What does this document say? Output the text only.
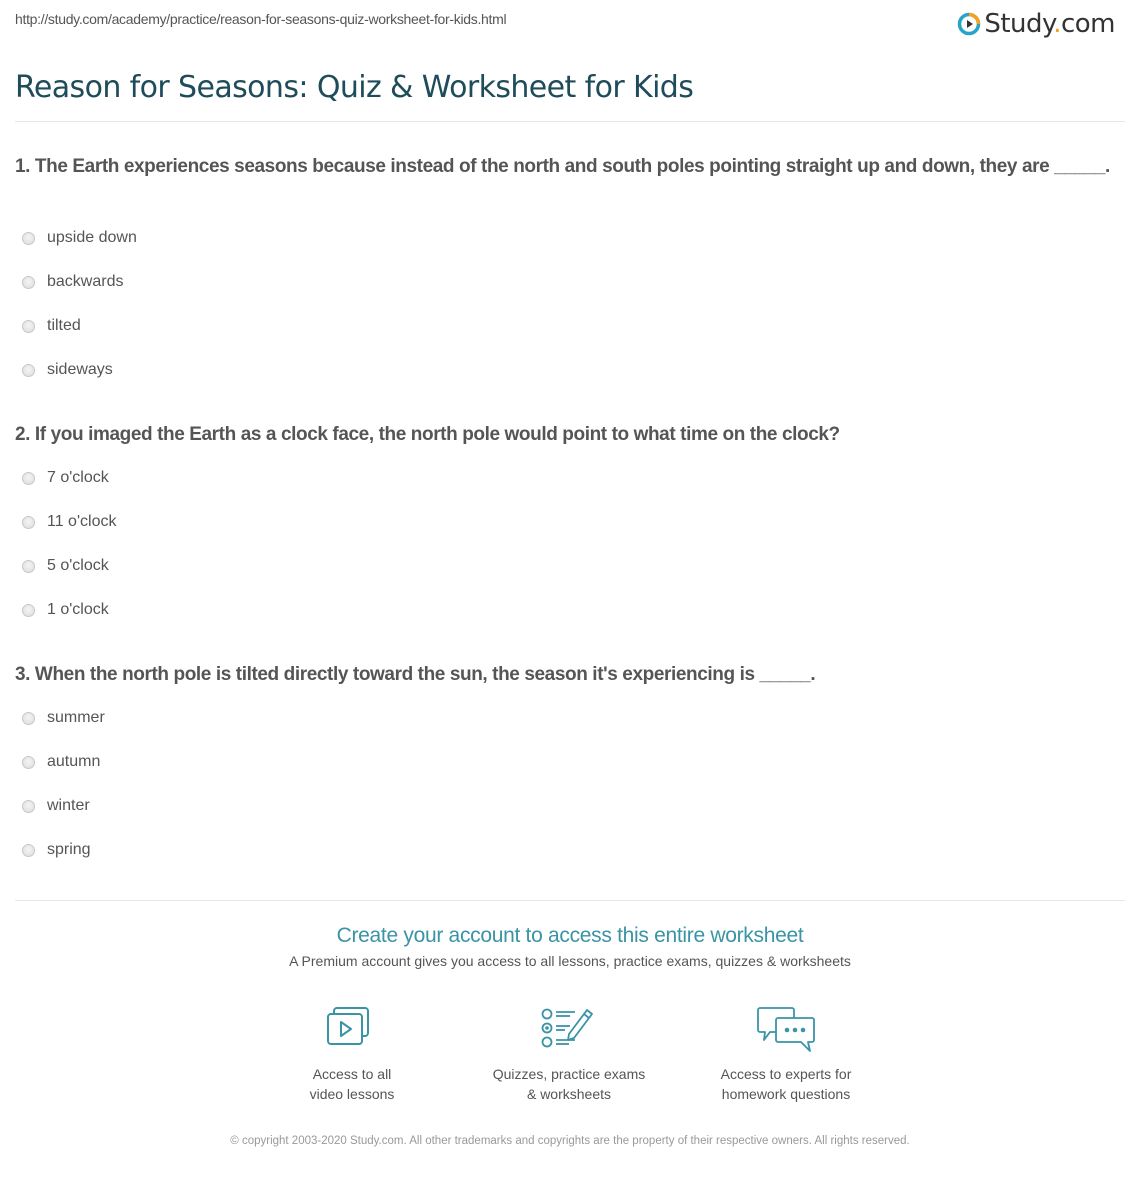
http://study.com/academy/practice/reason-for-seasons-quiz-worksheet-for-kids.html	Study.com
Reason for Seasons: Quiz & Worksheet for Kids
1. The Earth experiences seasons because instead of the north and south poles pointing straight up and down, they are _____.
upside down
backwards
tilted
sideways
2. If you imaged the Earth as a clock face, the north pole would point to what time on the clock?
7 o'clock
11 o'clock
5 o'clock
1 o'clock
3. When the north pole is tilted directly toward the sun, the season it's experiencing is _____.
summer
autumn
winter
spring
Create your account to access this entire worksheet
A Premium account gives you access to all lessons, practice exams, quizzes & worksheets
Access to all
video lessons
Quizzes, practice exams
& worksheets
Access to experts for
homework questions
© copyright 2003-2020 Study.com. All other trademarks and copyrights are the property of their respective owners. All rights reserved.
